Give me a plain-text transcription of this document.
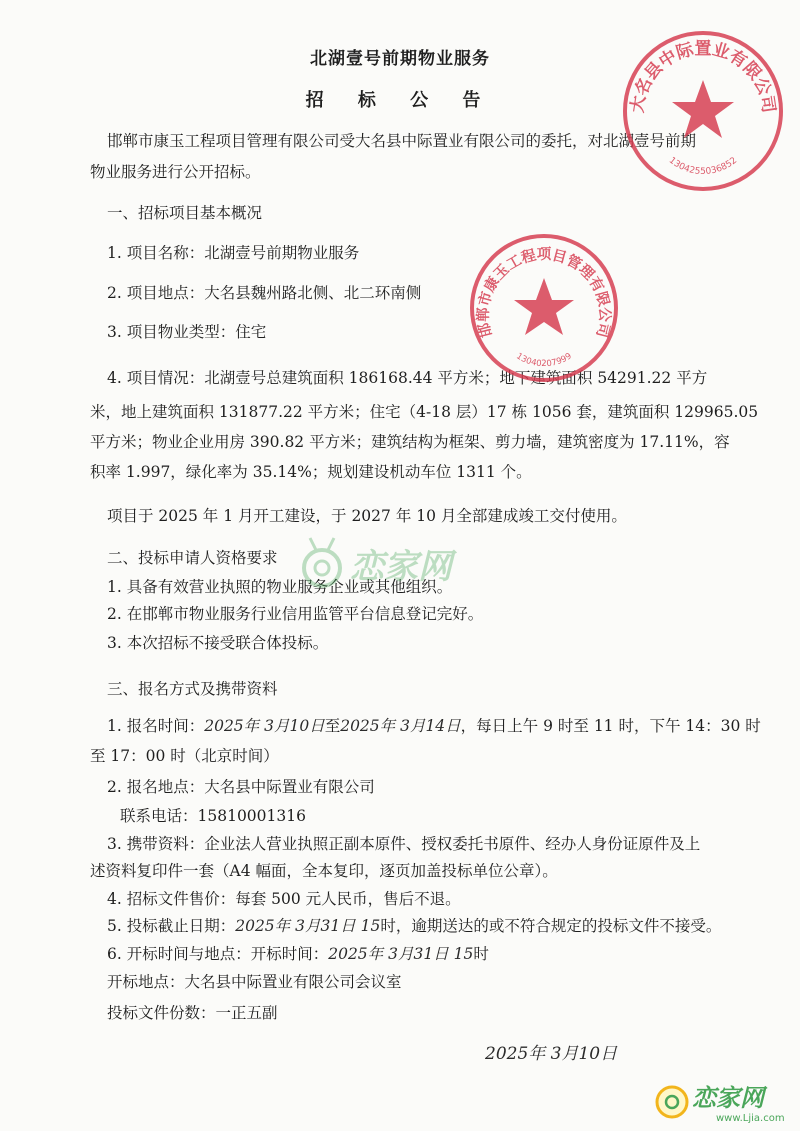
北湖壹号前期物业服务
招 标 公 告
邯郸市康玉工程项目管理有限公司受大名县中际置业有限公司的委托，对北湖壹号前期
物业服务进行公开招标。
一、招标项目基本概况
1. 项目名称：北湖壹号前期物业服务
2. 项目地点：大名县魏州路北侧、北二环南侧
3. 项目物业类型：住宅
4. 项目情况：北湖壹号总建筑面积 186168.44 平方米；地下建筑面积 54291.22 平方
米，地上建筑面积 131877.22 平方米；住宅（4-18 层）17 栋 1056 套，建筑面积 129965.05
平方米；物业企业用房 390.82 平方米；建筑结构为框架、剪力墙，建筑密度为 17.11%，容
积率 1.997，绿化率为 35.14%；规划建设机动车位 1311 个。
项目于 2025 年 1 月开工建设，于 2027 年 10 月全部建成竣工交付使用。
二、投标申请人资格要求
1. 具备有效营业执照的物业服务企业或其他组织。
2. 在邯郸市物业服务行业信用监管平台信息登记完好。
3. 本次招标不接受联合体投标。
三、报名方式及携带资料
1. 报名时间：2025年 3月10日至2025年 3月14日，每日上午 9 时至 11 时，下午 14：30 时
至 17：00 时（北京时间）
2. 报名地点：大名县中际置业有限公司
联系电话：15810001316
3. 携带资料：企业法人营业执照正副本原件、授权委托书原件、经办人身份证原件及上
述资料复印件一套（A4 幅面，全本复印，逐页加盖投标单位公章）。
4. 招标文件售价：每套 500 元人民币，售后不退。
5. 投标截止日期：2025年 3月31日 15时，逾期送达的或不符合规定的投标文件不接受。
6. 开标时间与地点：开标时间：2025年 3月31日 15时
开标地点：大名县中际置业有限公司会议室
投标文件份数：一正五副
2025年 3月10日
大名县中际置业有限公司
1304255036852
邯郸市康玉工程项目管理有限公司
13040207999
恋家网
恋家网
www.Ljia.com
